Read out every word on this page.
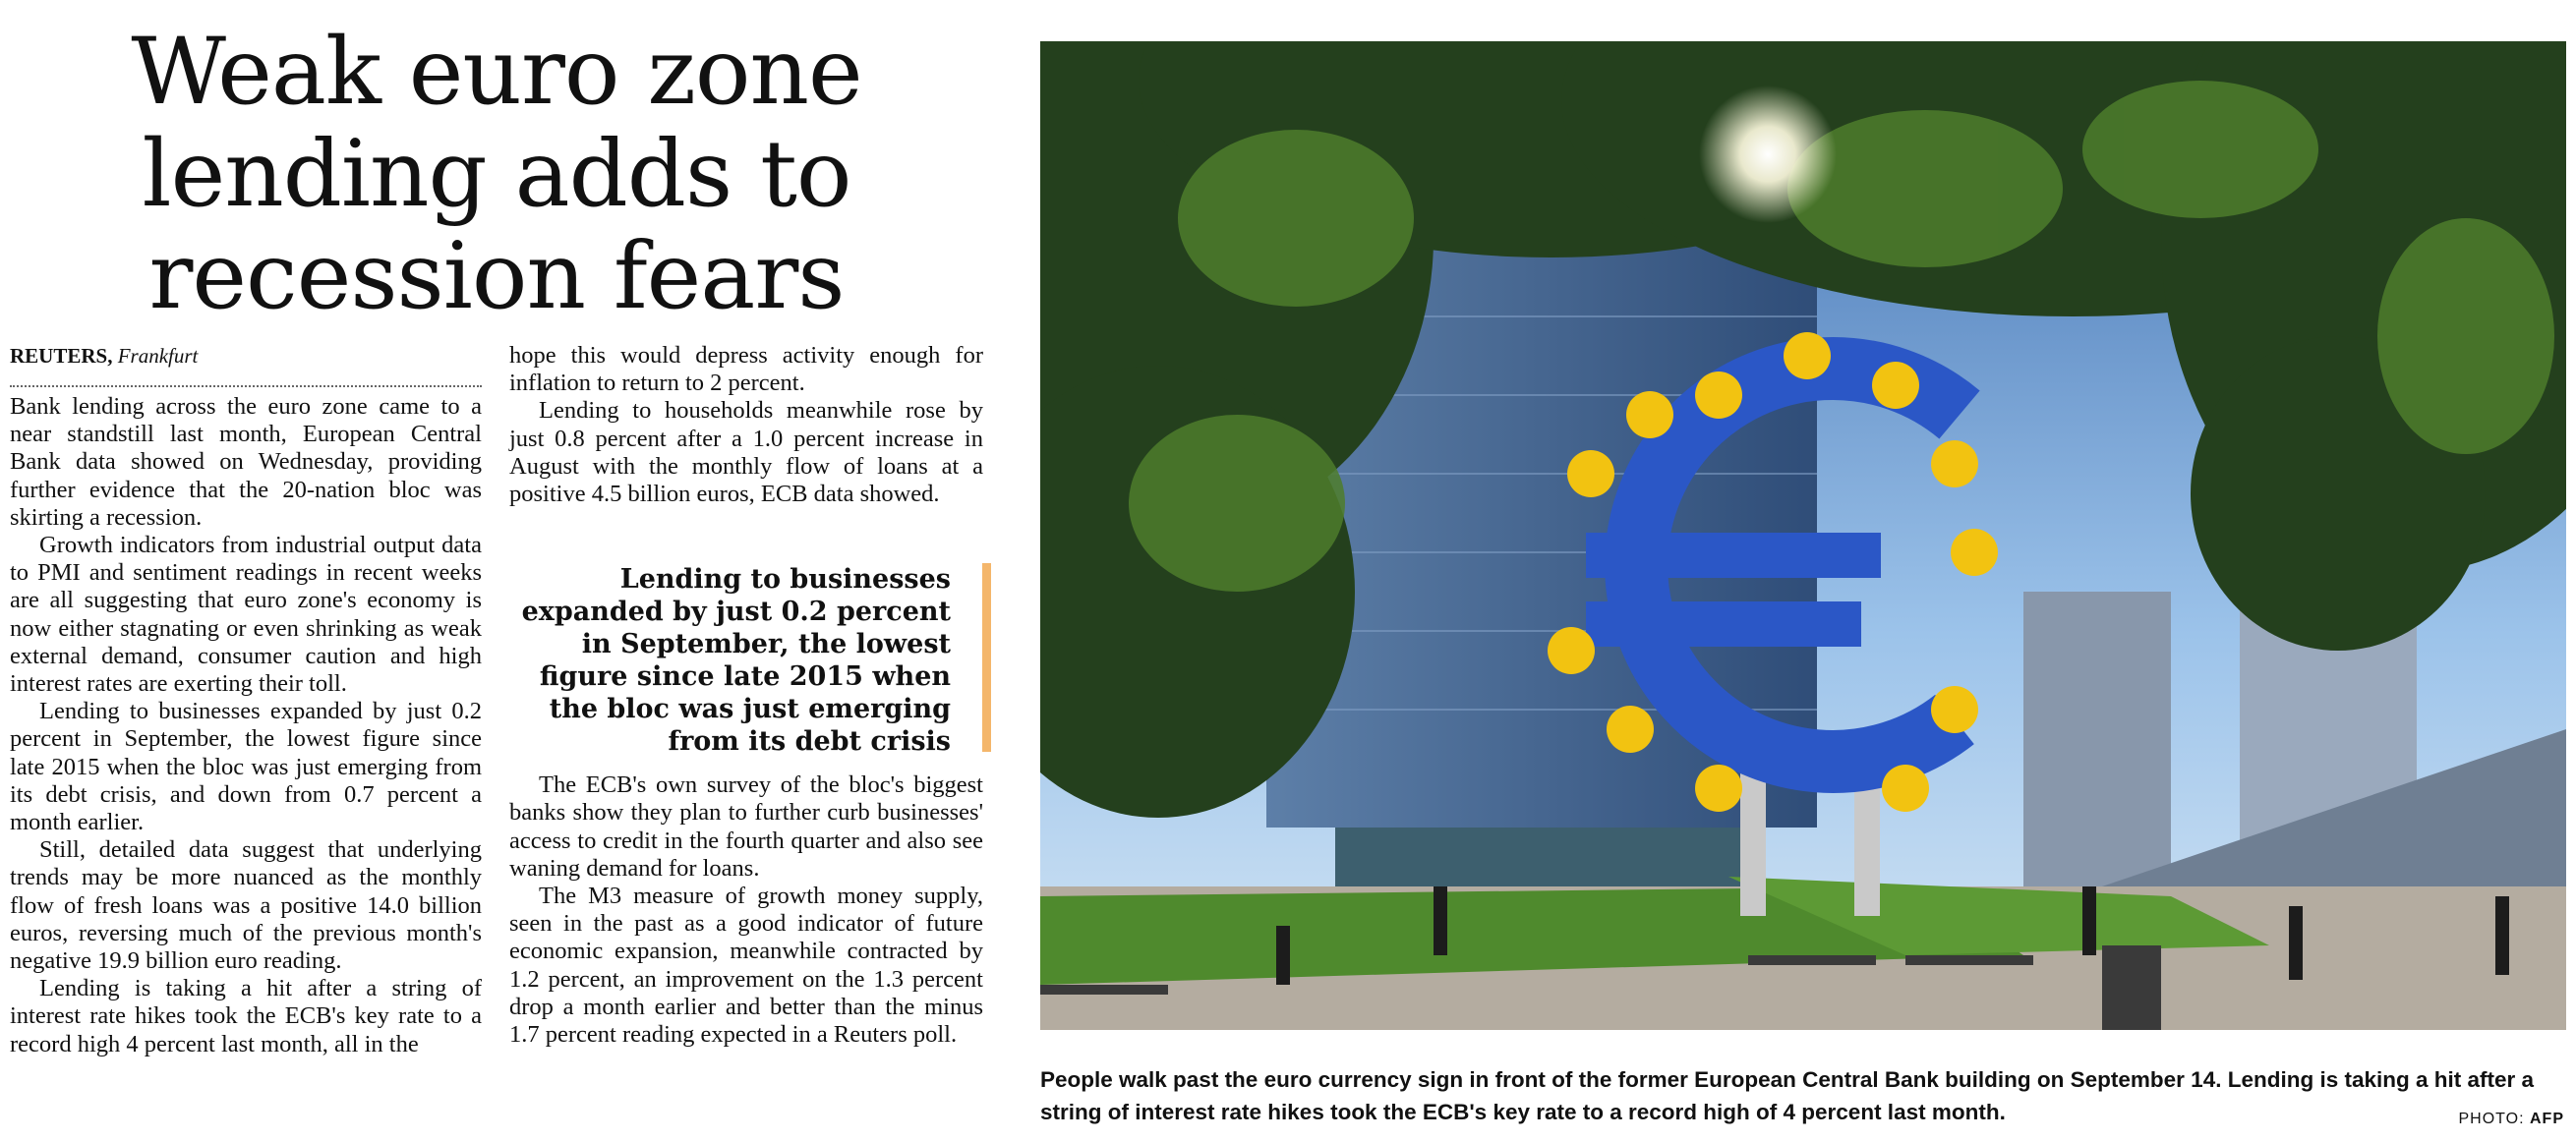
Weak euro zone
lending adds to
recession fears
REUTERS, Frankfurt

Bank lending across the euro zone came to a near standstill last month, European Central Bank data showed on Wednesday, providing further evidence that the 20-nation bloc was skirting a recession.

Growth indicators from industrial output data to PMI and sentiment readings in recent weeks are all suggesting that euro zone's economy is now either stagnating or even shrinking as weak external demand, consumer caution and high interest rates are exerting their toll.

Lending to businesses expanded by just 0.2 percent in September, the lowest figure since late 2015 when the bloc was just emerging from its debt crisis, and down from 0.7 percent a month earlier.

Still, detailed data suggest that underlying trends may be more nuanced as the monthly flow of fresh loans was a positive 14.0 billion euros, reversing much of the previous month's negative 19.9 billion euro reading.

Lending is taking a hit after a string of interest rate hikes took the ECB's key rate to a record high 4 percent last month, all in the

hope this would depress activity enough for inflation to return to 2 percent.

Lending to households meanwhile rose by just 0.8 percent after a 1.0 percent increase in August with the monthly flow of loans at a positive 4.5 billion euros, ECB data showed.

The ECB's own survey of the bloc's biggest banks show they plan to further curb businesses' access to credit in the fourth quarter and also see waning demand for loans.

The M3 measure of growth money supply, seen in the past as a good indicator of future economic expansion, meanwhile contracted by 1.2 percent, an improvement on the 1.3 percent drop a month earlier and better than the minus 1.7 percent reading expected in a Reuters poll.

Lending to businesses expanded by just 0.2 percent in September, the lowest figure since late 2015 when the bloc was just emerging from its debt crisis
People walk past the euro currency sign in front of the former European Central Bank building on September 14. Lending is taking a hit after a string of interest rate hikes took the ECB's key rate to a record high of 4 percent last month.	PHOTO: AFP
